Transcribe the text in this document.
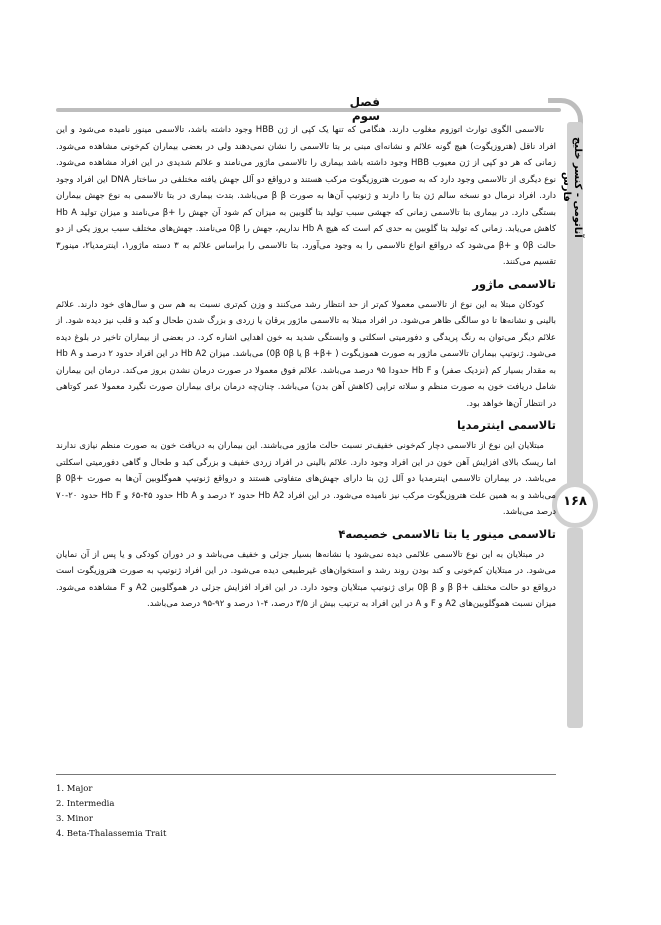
فصل سوم
آناتومی - کنسر خلیج فارس
۱۶۸

تالاسمی الگوی توارث اتوزوم مغلوب دارند. هنگامی که تنها یک کپی از ژن HBB وجود داشته باشد، تالاسمی مینور نامیده می‌شود و این افراد ناقل (هتروزیگوت) هیچ گونه علائم و نشانه‌ای مبنی بر بتا تالاسمی را نشان نمی‌دهند ولی در بعضی بیماران کم‌خونی مشاهده می‌شود. زمانی که هر دو کپی از ژن معیوب HBB وجود داشته باشد بیماری را تالاسمی ماژور می‌نامند و علائم شدیدی در این افراد مشاهده می‌شود. نوع دیگری از تالاسمی وجود دارد که به صورت هتروزیگوت مرکب هستند و درواقع دو آلل جهش یافته مختلفی در ساختار DNA این افراد وجود دارد. افراد نرمال دو نسخه سالم ژن بتا را دارند و ژنوتیپ آن‌ها به صورت β β می‌باشد. بتدت بیماری در بتا تالاسمی به نوع جهش بیماران بستگی دارد. در بیماری بتا تالاسمی زمانی که جهشی سبب تولید بتا گلوبین به میزان کم شود آن جهش را +β می‌نامند و میزان تولید Hb A کاهش می‌یابد. زمانی که تولید بتا گلوبین به حدی کم است که هیچ Hb A نداریم، جهش را 0β می‌نامند. جهش‌های مختلف سبب بروز یکی از دو حالت 0β و +β می‌شود که درواقع انواع تالاسمی را به وجود می‌آورد. بتا تالاسمی را براساس علائم به ۳ دسته ماژور۱، اینترمدیا۲، مینور۳ تقسیم می‌کنند.

تالاسمی ماژور

کودکان مبتلا به این نوع از تالاسمی معمولا کم‌تر از حد انتظار رشد می‌کنند و وزن کم‌تری نسبت به هم سن و سال‌های خود دارند. علائم بالینی و نشانه‌ها تا دو سالگی ظاهر می‌شود. در افراد مبتلا به تالاسمی ماژور یرقان یا زردی و بزرگ شدن طحال و کبد و قلب نیز دیده شود. از علائم دیگر می‌توان به رنگ پریدگی و دفورمیتی اسکلتی و وابستگی شدید به خون اهدایی اشاره کرد. در بعضی از بیماران تاخیر در بلوغ دیده می‌شود. ژنوتیپ بیماران تالاسمی ماژور به صورت هموزیگوت ( +β +β یا 0β 0β) می‌باشد. میزان Hb A2 در این افراد حدود ۲ درصد و Hb A به مقدار بسیار کم (نزدیک صفر) و Hb F حدودا ۹۵ درصد می‌باشد. علائم فوق معمولا در صورت درمان نشدن بروز می‌کند. درمان این بیماران شامل دریافت خون به صورت منظم و سلاته تراپی (کاهش آهن بدن) می‌باشد. چنان‌چه درمان برای بیماران صورت نگیرد معمولا عمر کوتاهی در انتظار آن‌ها خواهد بود.

تالاسمی اینترمدیا

مبتلایان این نوع از تالاسمی دچار کم‌خونی خفیف‌تر نسبت حالت ماژور می‌باشند. این بیماران به دریافت خون به صورت منظم نیازی ندارند اما ریسک بالای افزایش آهن خون در این افراد وجود دارد. علائم بالینی در افراد زردی خفیف و بزرگی کبد و طحال و گاهی دفورمیتی اسکلتی می‌باشد. در بیماران تالاسمی اینترمدیا دو آلل ژن بتا دارای جهش‌های متفاوتی هستند و درواقع ژنوتیپ هموگلوبین آن‌ها به صورت +β 0β می‌باشد و به همین علت هتروزیگوت مرکب نیز نامیده می‌شود. در این افراد Hb A2 حدود ۲ درصد و Hb A حدود ۴۵-۶۵ و Hb F حدود ۲۰-۷۰ درصد می‌باشد.

تالاسمی مینور یا بتا تالاسمی خصیصه۴

در مبتلایان به این نوع تالاسمی علائمی دیده نمی‌شود یا نشانه‌ها بسیار جزئی و خفیف می‌باشد و در دوران کودکی و یا پس از آن نمایان می‌شود. در مبتلایان کم‌خونی و کند بودن روند رشد و استخوان‌های غیرطبیعی دیده می‌شود. در این افراد ژنوتیپ به صورت هتروزیگوت است درواقع دو حالت مختلف +β β و 0β β برای ژنوتیپ مبتلایان وجود دارد. در این افراد افزایش جزئی در هموگلوبین A2 و F مشاهده می‌شود. میزان نسبت هموگلوبین‌های A2 و F و A در این افراد به ترتیب بیش از ۳/۵ درصد، ۴-۱ درصد و ۹۲-۹۵ درصد می‌باشد.

1. Major
2. Intermedia
3. Minor
4. Beta-Thalassemia Trait
